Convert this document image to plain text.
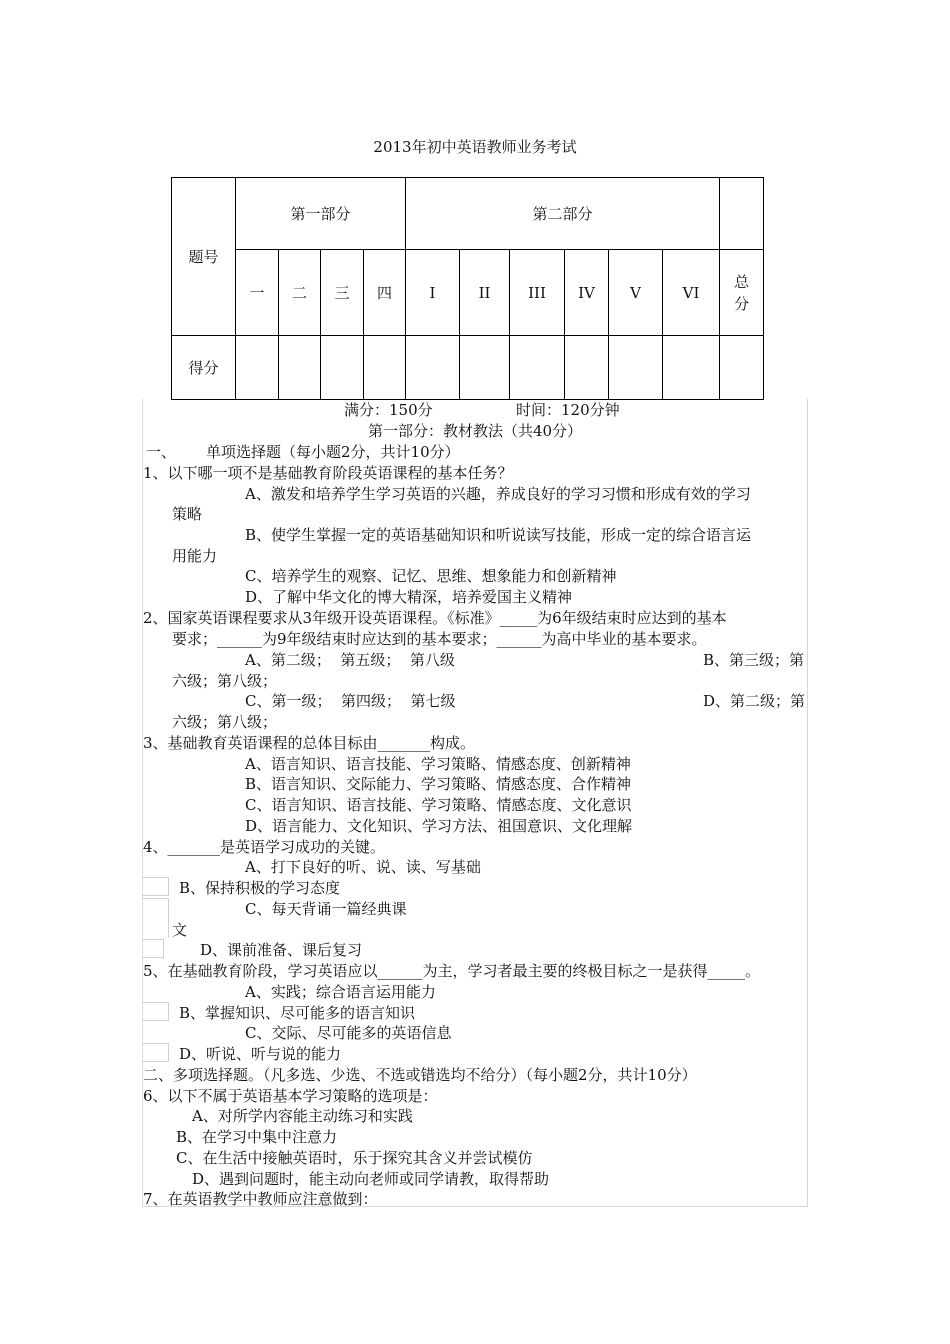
2013年初中英语教师业务考试
题号	第一部分				第二部分						
	一	二	三	四	I	II	III	IV	V	VI	总分
得分											
满分：150分	时间：120分钟
第一部分：教材教法（共40分）
一、 单项选择题（每小题2分，共计10分）
1、以下哪一项不是基础教育阶段英语课程的基本任务？
A、激发和培养学生学习英语的兴趣，养成良好的学习习惯和形成有效的学习
策略
B、使学生掌握一定的英语基础知识和听说读写技能，形成一定的综合语言运
用能力
C、培养学生的观察、记忆、思维、想象能力和创新精神
D、了解中华文化的博大精深，培养爱国主义精神
2、国家英语课程要求从3年级开设英语课程。《标准》_____为6年级结束时应达到的基本
要求；______为9年级结束时应达到的基本要求；______为高中毕业的基本要求。
A、第二级；  第五级；  第八级	B、第三级；第
六级；第八级；
C、第一级；  第四级；  第七级	D、第二级；第
六级；第八级；
3、基础教育英语课程的总体目标由_______构成。
A、语言知识、语言技能、学习策略、情感态度、创新精神
B、语言知识、交际能力、学习策略、情感态度、合作精神
C、语言知识、语言技能、学习策略、情感态度、文化意识
D、语言能力、文化知识、学习方法、祖国意识、文化理解
4、_______是英语学习成功的关键。
A、打下良好的听、说、读、写基础
B、保持积极的学习态度
C、每天背诵一篇经典课
文
D、课前准备、课后复习
5、在基础教育阶段，学习英语应以______为主，学习者最主要的终极目标之一是获得_____。
A、实践；综合语言运用能力
B、掌握知识、尽可能多的语言知识
C、交际、尽可能多的英语信息
D、听说、听与说的能力
二、多项选择题。（凡多选、少选、不选或错选均不给分）（每小题2分，共计10分）
6、以下不属于英语基本学习策略的选项是：
A、对所学内容能主动练习和实践
B、在学习中集中注意力
C、在生活中接触英语时，乐于探究其含义并尝试模仿
D、遇到问题时，能主动向老师或同学请教，取得帮助
7、在英语教学中教师应注意做到：
